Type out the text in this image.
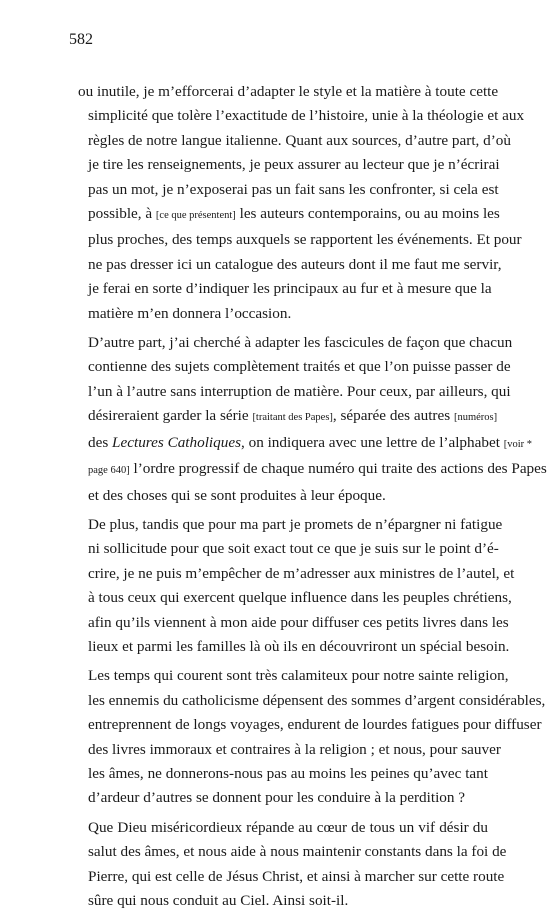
582
ou inutile, je m’efforcerai d’adapter le style et la matière à toute cette
simplicité que tolère l’exactitude de l’histoire, unie à la théologie et aux
règles de notre langue italienne. Quant aux sources, d’autre part, d’où
je tire les renseignements, je peux assurer au lecteur que je n’écrirai
pas un mot, je n’exposerai pas un fait sans les confronter, si cela est
possible, à [ce que présentent] les auteurs contemporains, ou au moins les
plus proches, des temps auxquels se rapportent les événements. Et pour
ne pas dresser ici un catalogue des auteurs dont il me faut me servir,
je ferai en sorte d’indiquer les principaux au fur et à mesure que la
matière m’en donnera l’occasion.
D’autre part, j’ai cherché à adapter les fascicules de façon que chacun
contienne des sujets complètement traités et que l’on puisse passer de
l’un à l’autre sans interruption de matière. Pour ceux, par ailleurs, qui
désireraient garder la série [traitant des Papes], séparée des autres [numéros]
des Lectures Catholiques, on indiquera avec une lettre de l’alphabet [voir *
page 640] l’ordre progressif de chaque numéro qui traite des actions des Papes
et des choses qui se sont produites à leur époque.
De plus, tandis que pour ma part je promets de n’épargner ni fatigue
ni sollicitude pour que soit exact tout ce que je suis sur le point d’é-
crire, je ne puis m’empêcher de m’adresser aux ministres de l’autel, et
à tous ceux qui exercent quelque influence dans les peuples chrétiens,
afin qu’ils viennent à mon aide pour diffuser ces petits livres dans les
lieux et parmi les familles là où ils en découvriront un spécial besoin.
Les temps qui courent sont très calamiteux pour notre sainte religion,
les ennemis du catholicisme dépensent des sommes d’argent considérables,
entreprennent de longs voyages, endurent de lourdes fatigues pour diffuser
des livres immoraux et contraires à la religion ; et nous, pour sauver
les âmes, ne donnerons-nous pas au moins les peines qu’avec tant
d’ardeur d’autres se donnent pour les conduire à la perdition ?
Que Dieu miséricordieux répande au cœur de tous un vif désir du
salut des âmes, et nous aide à nous maintenir constants dans la foi de
Pierre, qui est celle de Jésus Christ, et ainsi à marcher sur cette route
sûre qui nous conduit au Ciel. Ainsi soit-il.
